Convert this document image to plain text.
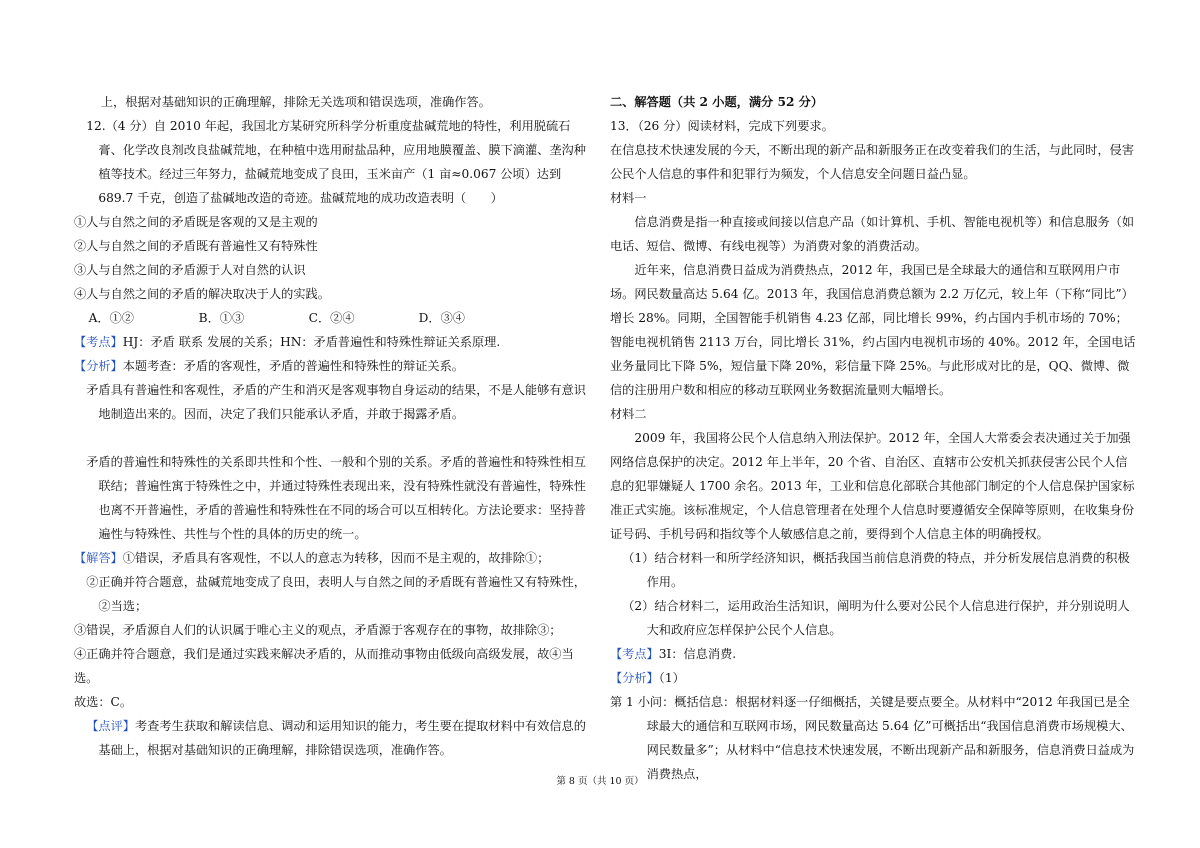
上，根据对基础知识的正确理解，排除无关选项和错误选项，准确作答。

12.（4 分）自 2010 年起，我国北方某研究所科学分析重度盐碱荒地的特性，利用脱硫石膏、化学改良剂改良盐碱荒地，在种植中选用耐盐品种，应用地膜覆盖、膜下滴灌、垄沟种植等技术。经过三年努力，盐碱荒地变成了良田，玉米亩产（1 亩≈0.067 公顷）达到 689.7 千克，创造了盐碱地改造的奇迹。盐碱荒地的成功改造表明（　　）

①人与自然之间的矛盾既是客观的又是主观的

②人与自然之间的矛盾既有普遍性又有特殊性

③人与自然之间的矛盾源于人对自然的认识

④人与自然之间的矛盾的解决取决于人的实践。

A．①②	B．①③	C．②④	D．③④

【考点】HJ：矛盾 联系 发展的关系；HN：矛盾普遍性和特殊性辩证关系原理.

【分析】本题考查：矛盾的客观性，矛盾的普遍性和特殊性的辩证关系。

矛盾具有普遍性和客观性，矛盾的产生和消灭是客观事物自身运动的结果，不是人能够有意识地制造出来的。因而，决定了我们只能承认矛盾，并敢于揭露矛盾。

矛盾的普遍性和特殊性的关系即共性和个性、一般和个别的关系。矛盾的普遍性和特殊性相互联结；普遍性寓于特殊性之中，并通过特殊性表现出来，没有特殊性就没有普遍性，特殊性也离不开普遍性，矛盾的普遍性和特殊性在不同的场合可以互相转化。方法论要求：坚持普遍性与特殊性、共性与个性的具体的历史的统一。

【解答】①错误，矛盾具有客观性，不以人的意志为转移，因而不是主观的，故排除①；

②正确并符合题意，盐碱荒地变成了良田，表明人与自然之间的矛盾既有普遍性又有特殊性，②当选；

③错误，矛盾源自人们的认识属于唯心主义的观点，矛盾源于客观存在的事物，故排除③；

④正确并符合题意，我们是通过实践来解决矛盾的，从而推动事物由低级向高级发展，故④当选。

故选：C。

【点评】考查考生获取和解读信息、调动和运用知识的能力，考生要在提取材料中有效信息的基础上，根据对基础知识的正确理解，排除错误选项，准确作答。

二、解答题（共 2 小题，满分 52 分）

13．（26 分）阅读材料，完成下列要求。

在信息技术快速发展的今天，不断出现的新产品和新服务正在改变着我们的生活，与此同时，侵害公民个人信息的事件和犯罪行为频发，个人信息安全问题日益凸显。

材料一

信息消费是指一种直接或间接以信息产品（如计算机、手机、智能电视机等）和信息服务（如电话、短信、微博、有线电视等）为消费对象的消费活动。

近年来，信息消费日益成为消费热点，2012 年，我国已是全球最大的通信和互联网用户市场。网民数量高达 5.64 亿。2013 年，我国信息消费总额为 2.2 万亿元，较上年（下称“同比”）增长 28%。同期，全国智能手机销售 4.23 亿部，同比增长 99%，约占国内手机市场的 70%；智能电视机销售 2113 万台，同比增长 31%，约占国内电视机市场的 40%。2012 年，全国电话业务量同比下降 5%，短信量下降 20%，彩信量下降 25%。与此形成对比的是，QQ、微博、微信的注册用户数和相应的移动互联网业务数据流量则大幅增长。

材料二

2009 年，我国将公民个人信息纳入刑法保护。2012 年，全国人大常委会表决通过关于加强网络信息保护的决定。2012 年上半年，20 个省、自治区、直辖市公安机关抓获侵害公民个人信息的犯罪嫌疑人 1700 余名。2013 年，工业和信息化部联合其他部门制定的个人信息保护国家标准正式实施。该标准规定，个人信息管理者在处理个人信息时要遵循安全保障等原则，在收集身份证号码、手机号码和指纹等个人敏感信息之前，要得到个人信息主体的明确授权。

（1）结合材料一和所学经济知识，概括我国当前信息消费的特点，并分析发展信息消费的积极作用。

（2）结合材料二，运用政治生活知识，阐明为什么要对公民个人信息进行保护，并分别说明人大和政府应怎样保护公民个人信息。

【考点】3I：信息消费.

【分析】（1）

第 1 小问：概括信息：根据材料逐一仔细概括，关键是要点要全。从材料中“2012 年我国已是全球最大的通信和互联网市场，网民数量高达 5.64 亿”可概括出“我国信息消费市场规模大、网民数量多”；从材料中“信息技术快速发展，不断出现新产品和新服务，信息消费日益成为消费热点，

第 8 页（共 10 页）
